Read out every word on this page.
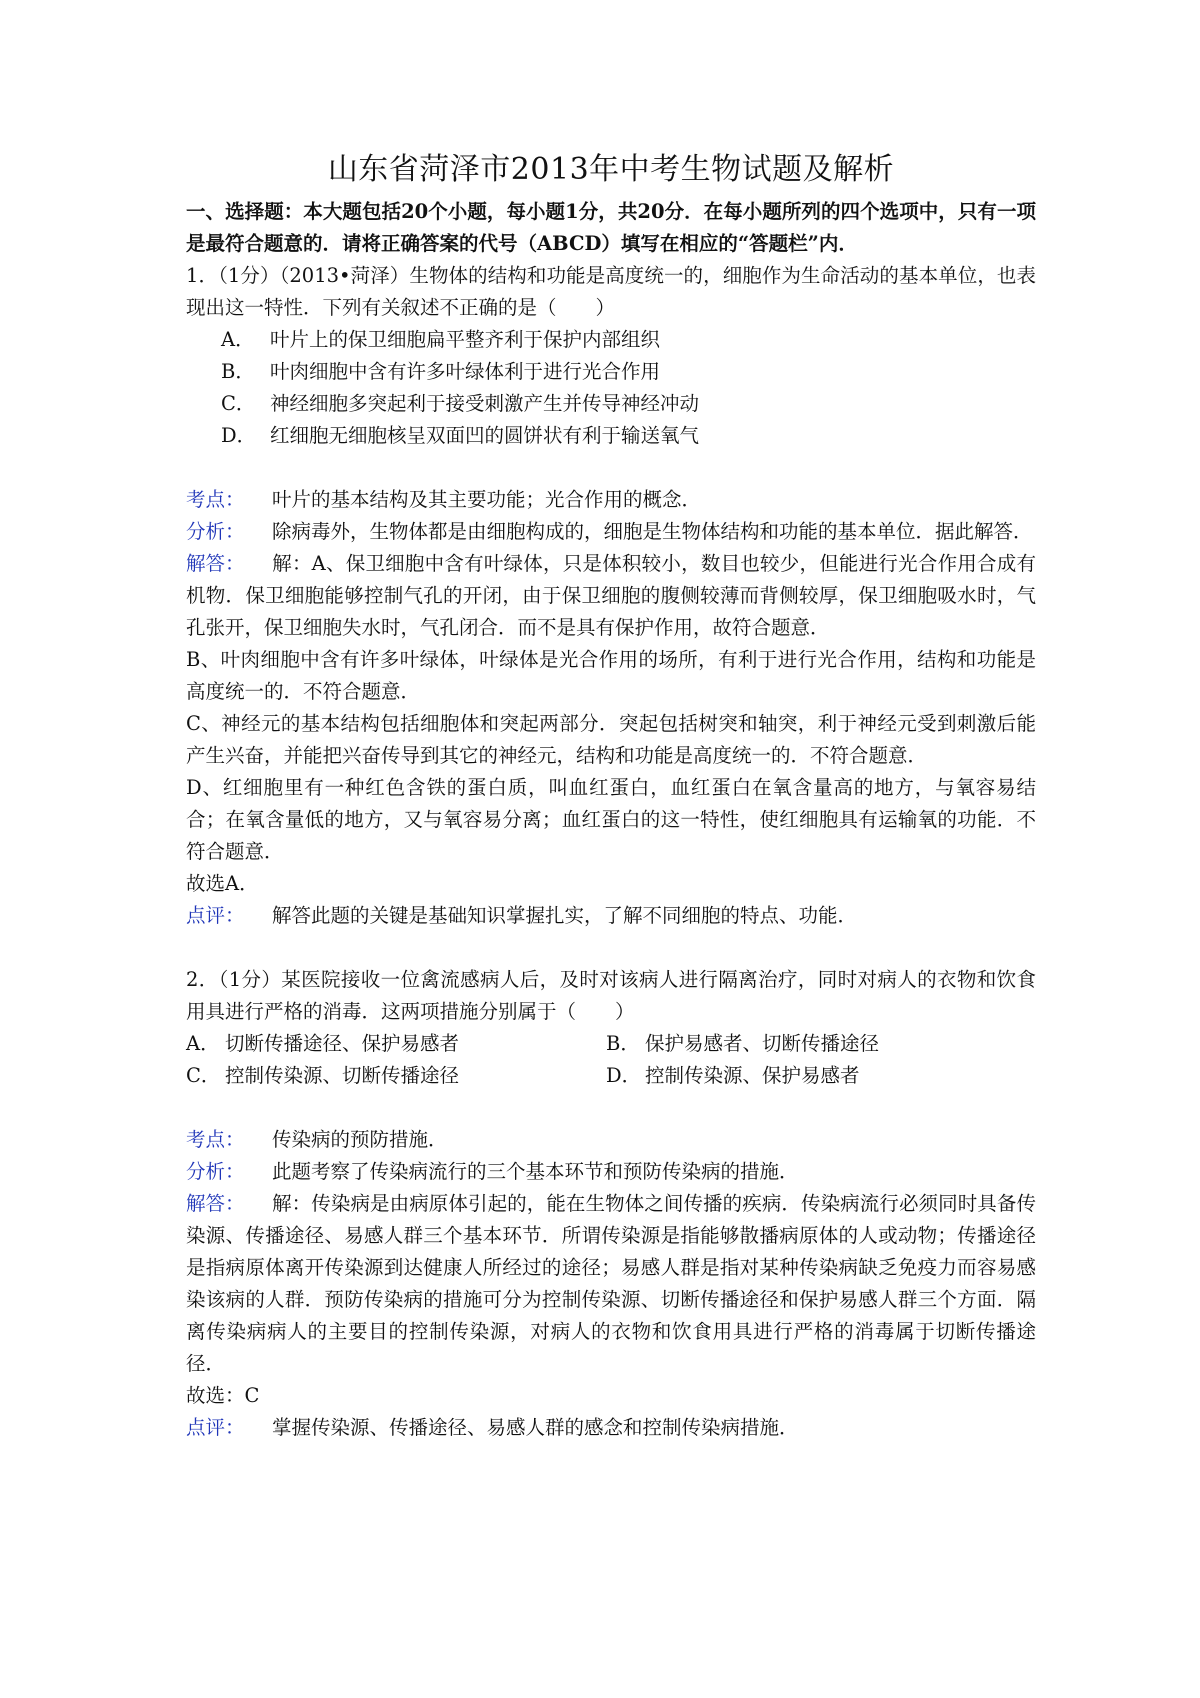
山东省菏泽市2013年中考生物试题及解析

一、选择题：本大题包括20个小题，每小题1分，共20分．在每小题所列的四个选项中，只有一项是最符合题意的．请将正确答案的代号（ABCD）填写在相应的“答题栏”内．

1．（1分）（2013•菏泽）生物体的结构和功能是高度统一的，细胞作为生命活动的基本单位，也表现出这一特性．下列有关叙述不正确的是（　　）

A． 叶片上的保卫细胞扁平整齐利于保护内部组织
B． 叶肉细胞中含有许多叶绿体利于进行光合作用
C． 神经细胞多突起利于接受刺激产生并传导神经冲动
D． 红细胞无细胞核呈双面凹的圆饼状有利于输送氧气
考点：	叶片的基本结构及其主要功能；光合作用的概念．

分析： 除病毒外，生物体都是由细胞构成的，细胞是生物体结构和功能的基本单位．据此解答．

解答： 解：A、保卫细胞中含有叶绿体，只是体积较小，数目也较少，但能进行光合作用合成有机物．保卫细胞能够控制气孔的开闭，由于保卫细胞的腹侧较薄而背侧较厚，保卫细胞吸水时，气孔张开，保卫细胞失水时，气孔闭合．而不是具有保护作用，故符合题意．

B、叶肉细胞中含有许多叶绿体，叶绿体是光合作用的场所，有利于进行光合作用，结构和功能是高度统一的．不符合题意．

C、神经元的基本结构包括细胞体和突起两部分．突起包括树突和轴突，利于神经元受到刺激后能产生兴奋，并能把兴奋传导到其它的神经元，结构和功能是高度统一的．不符合题意．

D、红细胞里有一种红色含铁的蛋白质，叫血红蛋白，血红蛋白在氧含量高的地方，与氧容易结合；在氧含量低的地方，又与氧容易分离；血红蛋白的这一特性，使红细胞具有运输氧的功能．不符合题意．

故选A．

点评：	解答此题的关键是基础知识掌握扎实，了解不同细胞的特点、功能．

2．（1分）某医院接收一位禽流感病人后，及时对该病人进行隔离治疗，同时对病人的衣物和饮食用具进行严格的消毒．这两项措施分别属于（　　）

A． 切断传播途径、保护易感者	B． 保护易感者、切断传播途径
C． 控制传染源、切断传播途径	D． 控制传染源、保护易感者
考点：	传染病的预防措施．
分析：	此题考察了传染病流行的三个基本环节和预防传染病的措施．

解答： 解：传染病是由病原体引起的，能在生物体之间传播的疾病．传染病流行必须同时具备传染源、传播途径、易感人群三个基本环节．所谓传染源是指能够散播病原体的人或动物；传播途径是指病原体离开传染源到达健康人所经过的途径；易感人群是指对某种传染病缺乏免疫力而容易感染该病的人群．预防传染病的措施可分为控制传染源、切断传播途径和保护易感人群三个方面．隔离传染病病人的主要目的控制传染源，对病人的衣物和饮食用具进行严格的消毒属于切断传播途径．

故选：C

点评：	掌握传染源、传播途径、易感人群的感念和控制传染病措施．
